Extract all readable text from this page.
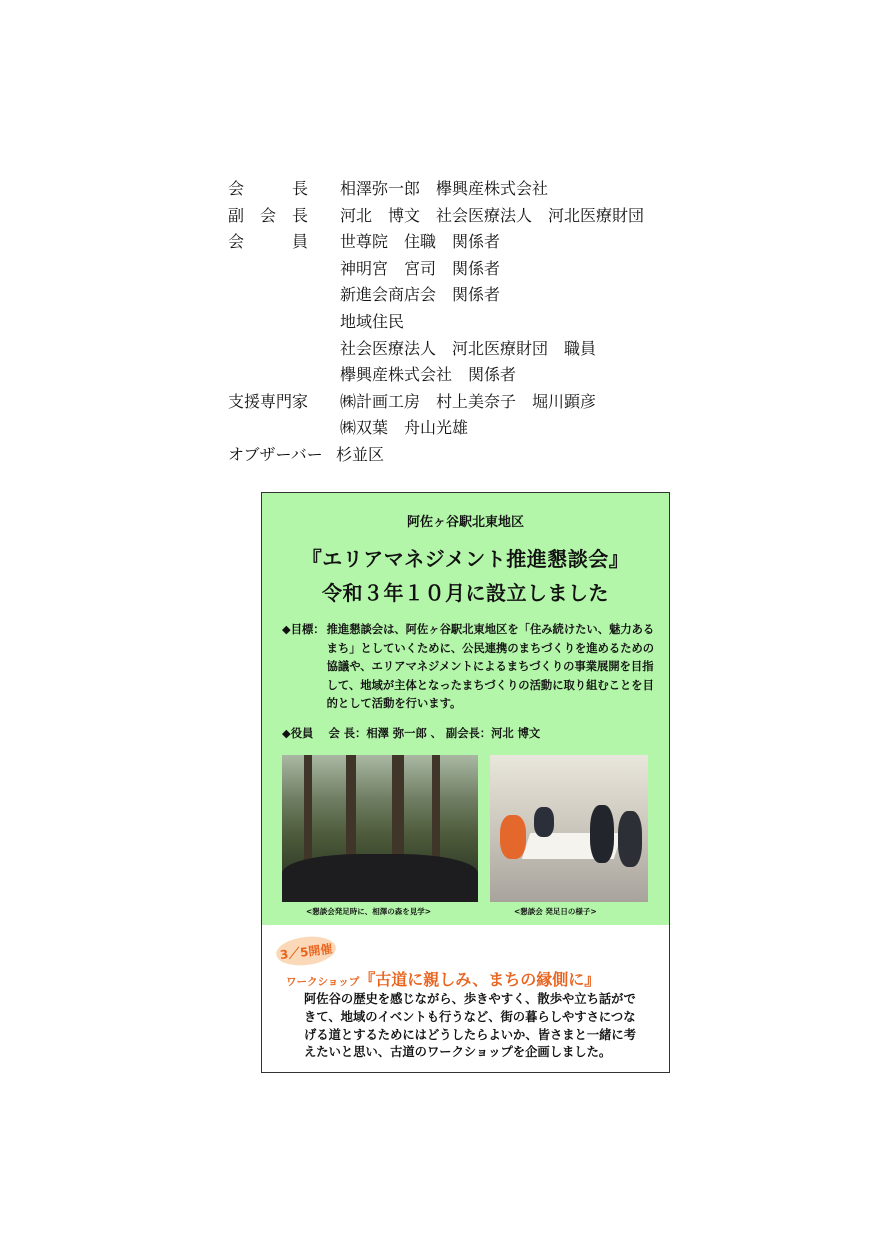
会　　　長 相澤弥一郎　欅興産株式会社
副　会　長 河北　博文　社会医療法人　河北医療財団
会　　　員 世尊院　住職　関係者
神明宮　宮司　関係者
新進会商店会　関係者
地域住民
社会医療法人　河北医療財団　職員
欅興産株式会社　関係者
支援専門家 ㈱計画工房　村上美奈子　堀川顕彦
㈱双葉　舟山光雄
オブザーバー 杉並区
阿佐ヶ谷駅北東地区
『エリアマネジメント推進懇談会』
令和３年１０月に設立しました
◆目標： 推進懇談会は、阿佐ヶ谷駅北東地区を「住み続けたい、魅力あるまち」としていくために、公民連携のまちづくりを進めるための協議や、エリアマネジメントによるまちづくりの事業展開を目指して、地域が主体となったまちづくりの活動に取り組むことを目的として活動を行います。
◆役員　 会 長：相澤 弥一郎 、 副会長：河北 博文
<懇談会発足時に、相澤の森を見学>	<懇談会 発足日の様子>
3／5開催
ワークショップ『古道に親しみ、まちの縁側に』
阿佐谷の歴史を感じながら、歩きやすく、散歩や立ち話ができて、地域のイベントも行うなど、街の暮らしやすさにつなげる道とするためにはどうしたらよいか、皆さまと一緒に考えたいと思い、古道のワークショップを企画しました。
